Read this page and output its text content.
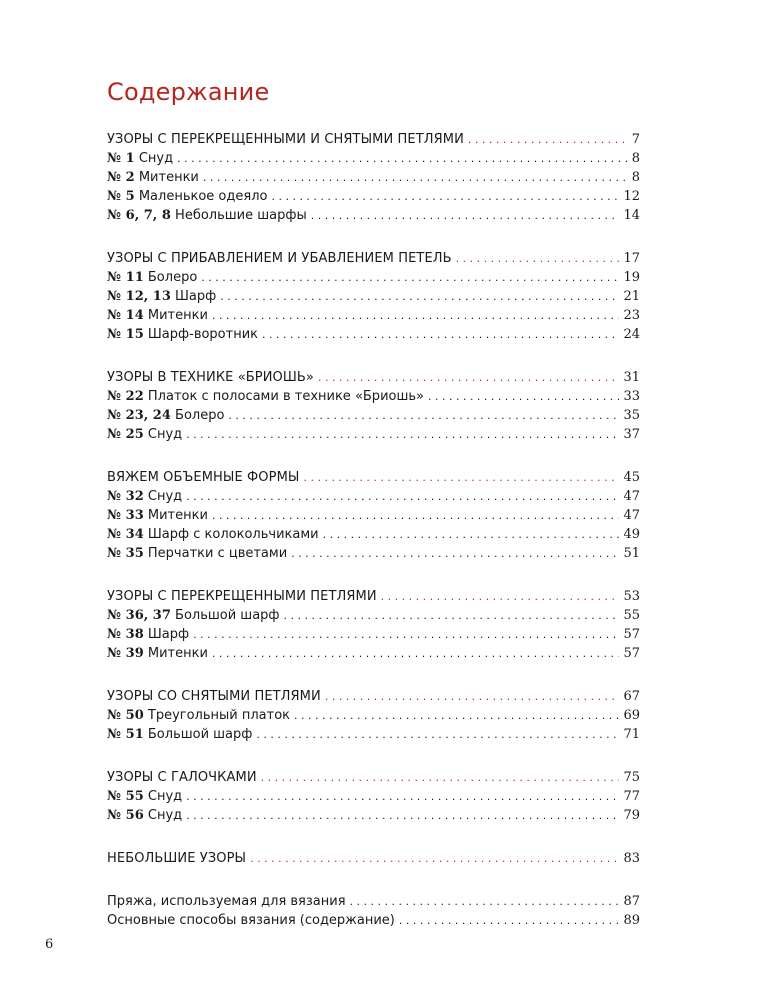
Содержание
УЗОРЫ С ПЕРЕКРЕЩЕННЫМИ И СНЯТЫМИ ПЕТЛЯМИ . . .	7
№ 1 Снуд . . .	8
№ 2 Митенки . . .	8
№ 5 Маленькое одеяло . . .	12
№ 6, 7, 8 Небольшие шарфы . . .	14
УЗОРЫ С ПРИБАВЛЕНИЕМ И УБАВЛЕНИЕМ ПЕТЕЛЬ . . .	17
№ 11 Болеро . . .	19
№ 12, 13 Шарф . . .	21
№ 14 Митенки . . .	23
№ 15 Шарф-воротник . . .	24
УЗОРЫ В ТЕХНИКЕ «БРИОШЬ» . . .	31
№ 22 Платок с полосами в технике «Бриошь» . . .	33
№ 23, 24 Болеро . . .	35
№ 25 Снуд . . .	37
ВЯЖЕМ ОБЪЕМНЫЕ ФОРМЫ . . .	45
№ 32 Снуд . . .	47
№ 33 Митенки . . .	47
№ 34 Шарф с колокольчиками . . .	49
№ 35 Перчатки с цветами . . .	51
УЗОРЫ С ПЕРЕКРЕЩЕННЫМИ ПЕТЛЯМИ . . .	53
№ 36, 37 Большой шарф . . .	55
№ 38 Шарф . . .	57
№ 39 Митенки . . .	57
УЗОРЫ СО СНЯТЫМИ ПЕТЛЯМИ . . .	67
№ 50 Треугольный платок . . .	69
№ 51 Большой шарф . . .	71
УЗОРЫ С ГАЛОЧКАМИ . . .	75
№ 55 Снуд . . .	77
№ 56 Снуд . . .	79
НЕБОЛЬШИЕ УЗОРЫ . . .	83
Пряжа, используемая для вязания . . .	87
Основные способы вязания (содержание) . . .	89
6
